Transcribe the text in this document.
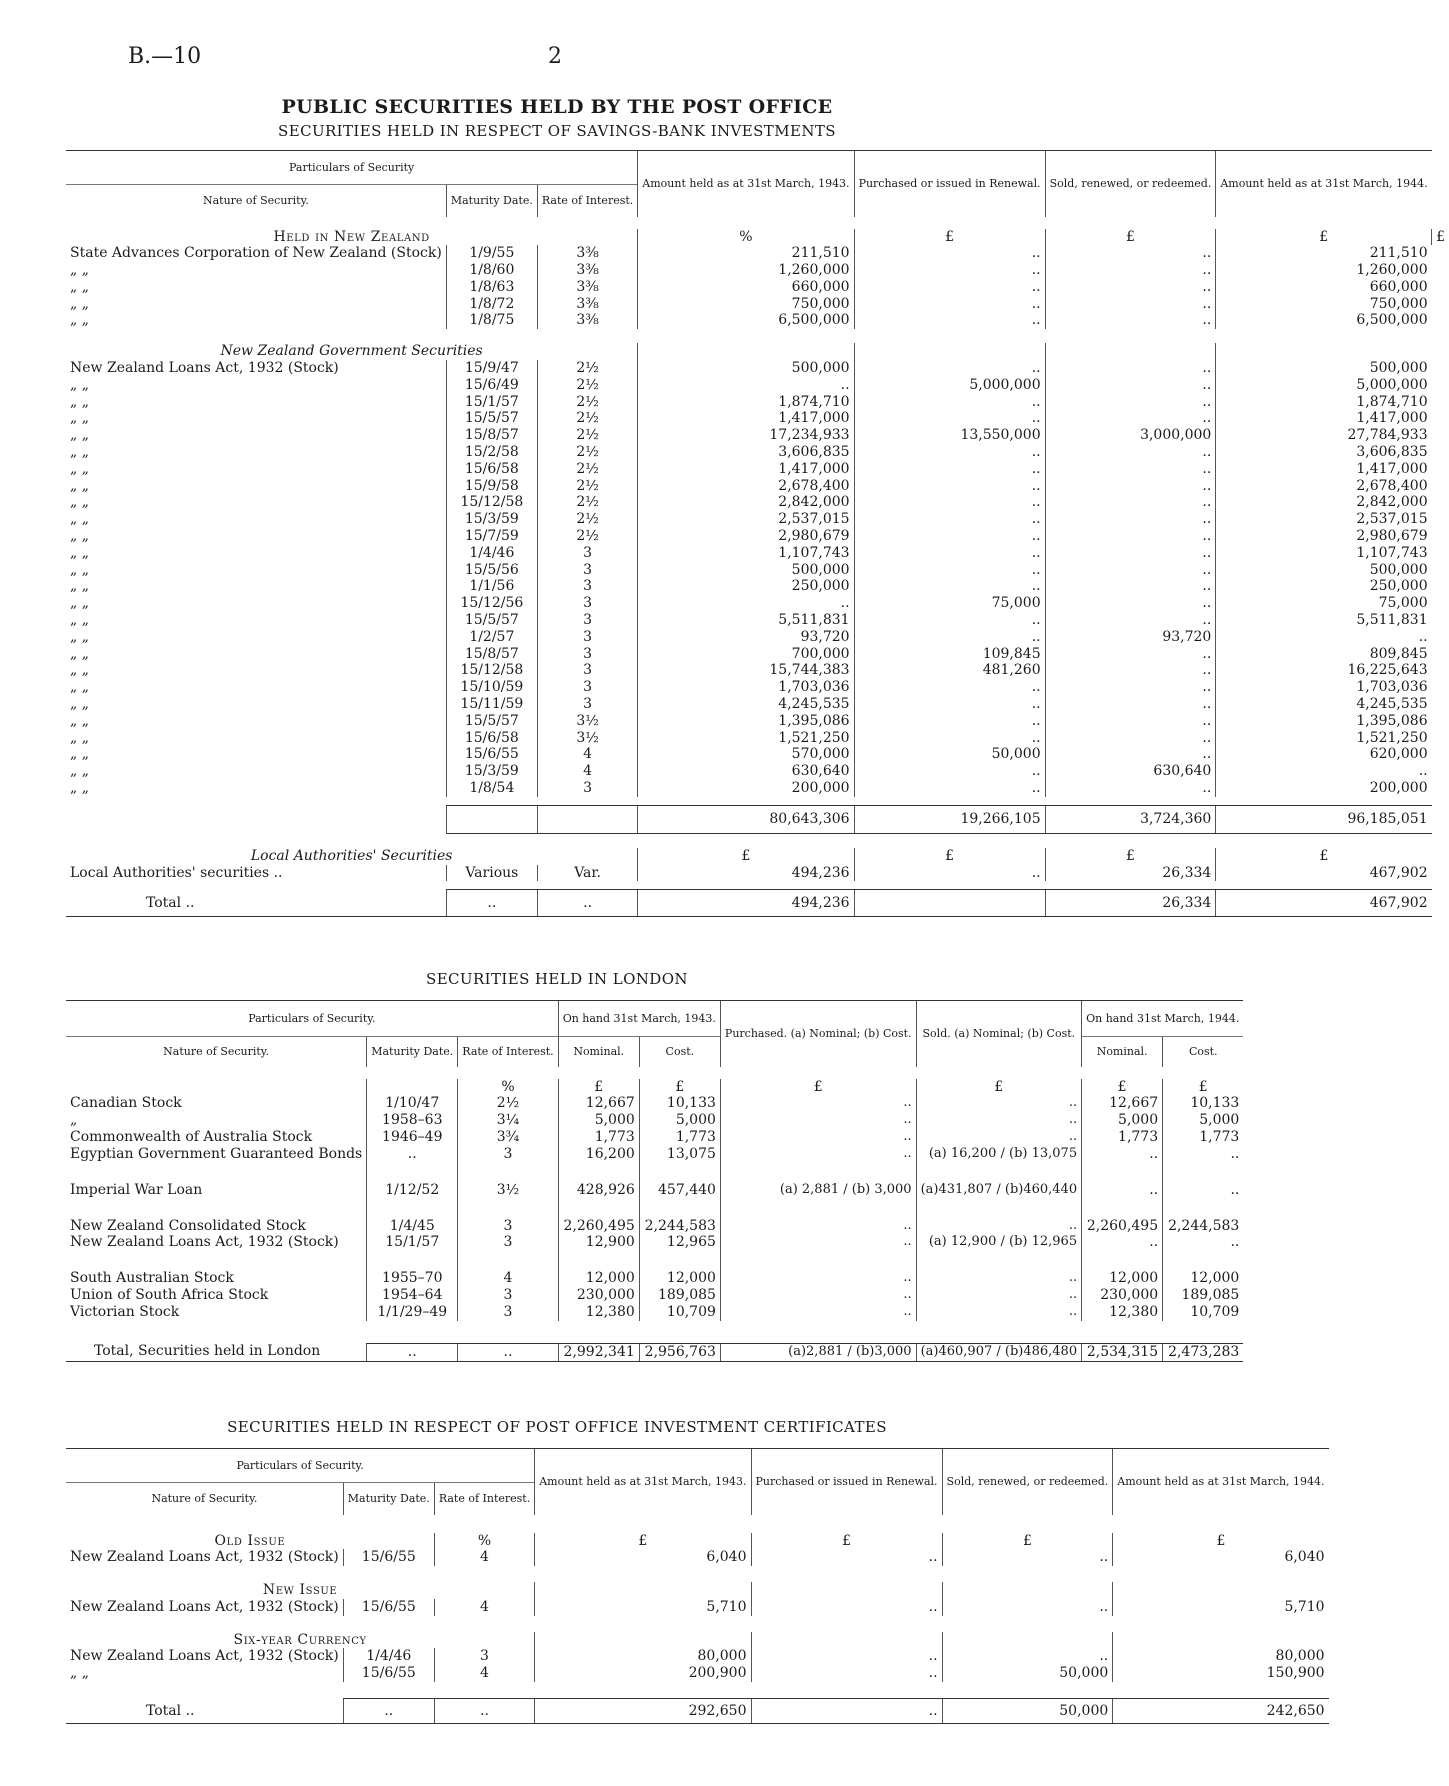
B.—10	2
PUBLIC SECURITIES HELD BY THE POST OFFICE
SECURITIES HELD IN RESPECT OF SAVINGS-BANK INVESTMENTS
Particulars of Security			Amount held as at 31st March, 1943.	Purchased or issued in Renewal.	Sold, renewed, or redeemed.	Amount held as at 31st March, 1944.	
Nature of Security.	Maturity Date.	Rate of Interest.					

Held in New Zealand			%	£	£	£	£
State Advances Corporation of New Zealand (Stock)	1/9/55	3⅜	211,510	..	..	211,510	
„ „	1/8/60	3⅜	1,260,000	..	..	1,260,000	
„ „	1/8/63	3⅜	660,000	..	..	660,000	
„ „	1/8/72	3⅜	750,000	..	..	750,000	
„ „	1/8/75	3⅜	6,500,000	..	..	6,500,000	

New Zealand Government Securities							
New Zealand Loans Act, 1932 (Stock)	15/9/47	2½	500,000	..	..	500,000	
„ „	15/6/49	2½	..	5,000,000	..	5,000,000	
„ „	15/1/57	2½	1,874,710	..	..	1,874,710	
„ „	15/5/57	2½	1,417,000	..	..	1,417,000	
„ „	15/8/57	2½	17,234,933	13,550,000	3,000,000	27,784,933	
„ „	15/2/58	2½	3,606,835	..	..	3,606,835	
„ „	15/6/58	2½	1,417,000	..	..	1,417,000	
„ „	15/9/58	2½	2,678,400	..	..	2,678,400	
„ „	15/12/58	2½	2,842,000	..	..	2,842,000	
„ „	15/3/59	2½	2,537,015	..	..	2,537,015	
„ „	15/7/59	2½	2,980,679	..	..	2,980,679	
„ „	1/4/46	3	1,107,743	..	..	1,107,743	
„ „	15/5/56	3	500,000	..	..	500,000	
„ „	1/1/56	3	250,000	..	..	250,000	
„ „	15/12/56	3	..	75,000	..	75,000	
„ „	15/5/57	3	5,511,831	..	..	5,511,831	
„ „	1/2/57	3	93,720	..	93,720	..	
„ „	15/8/57	3	700,000	109,845	..	809,845	
„ „	15/12/58	3	15,744,383	481,260	..	16,225,643	
„ „	15/10/59	3	1,703,036	..	..	1,703,036	
„ „	15/11/59	3	4,245,535	..	..	4,245,535	
„ „	15/5/57	3½	1,395,086	..	..	1,395,086	
„ „	15/6/58	3½	1,521,250	..	..	1,521,250	
„ „	15/6/55	4	570,000	50,000	..	620,000	
„ „	15/3/59	4	630,640	..	630,640	..	
„ „	1/8/54	3	200,000	..	..	200,000	

			80,643,306	19,266,105	3,724,360	96,185,051	

Local Authorities' Securities			£	£	£	£	
Local Authorities' securities ..	Various	Var.	494,236	..	26,334	467,902	

Total ..	..	..	494,236		26,334	467,902	
SECURITIES HELD IN LONDON
Particulars of Security.			On hand 31st March, 1943.		Purchased. (a) Nominal; (b) Cost.	Sold. (a) Nominal; (b) Cost.	On hand 31st March, 1944.	
Nature of Security.	Maturity Date.	Rate of Interest.	Nominal.	Cost.			Nominal.	Cost.

		%	£	£	£	£	£	£
Canadian Stock	1/10/47	2½	12,667	10,133	..	..	12,667	10,133
„	1958–63	3¼	5,000	5,000	..	..	5,000	5,000
Commonwealth of Australia Stock	1946–49	3¾	1,773	1,773	..	..	1,773	1,773
Egyptian Government Guaranteed Bonds	..	3	16,200	13,075	..	(a) 16,200 / (b) 13,075	..	..
Imperial War Loan	1/12/52	3½	428,926	457,440	(a) 2,881 / (b) 3,000	(a)431,807 / (b)460,440	..	..
New Zealand Consolidated Stock	1/4/45	3	2,260,495	2,244,583	..	..	2,260,495	2,244,583
New Zealand Loans Act, 1932 (Stock)	15/1/57	3	12,900	12,965	..	(a) 12,900 / (b) 12,965	..	..
South Australian Stock	1955–70	4	12,000	12,000	..	..	12,000	12,000
Union of South Africa Stock	1954–64	3	230,000	189,085	..	..	230,000	189,085
Victorian Stock	1/1/29–49	3	12,380	10,709	..	..	12,380	10,709

Total, Securities held in London	..	..	2,992,341	2,956,763	(a)2,881 / (b)3,000	(a)460,907 / (b)486,480	2,534,315	2,473,283
SECURITIES HELD IN RESPECT OF POST OFFICE INVESTMENT CERTIFICATES
Particulars of Security.			Amount held as at 31st March, 1943.	Purchased or issued in Renewal.	Sold, renewed, or redeemed.	Amount held as at 31st March, 1944.
Nature of Security.	Maturity Date.	Rate of Interest.				

Old Issue		%	£	£	£	£
New Zealand Loans Act, 1932 (Stock)	15/6/55	4	6,040	..	..	6,040

New Issue						
New Zealand Loans Act, 1932 (Stock)	15/6/55	4	5,710	..	..	5,710

Six-year Currency						
New Zealand Loans Act, 1932 (Stock)	1/4/46	3	80,000	..	..	80,000
„ „	15/6/55	4	200,900	..	50,000	150,900

Total ..	..	..	292,650	..	50,000	242,650
